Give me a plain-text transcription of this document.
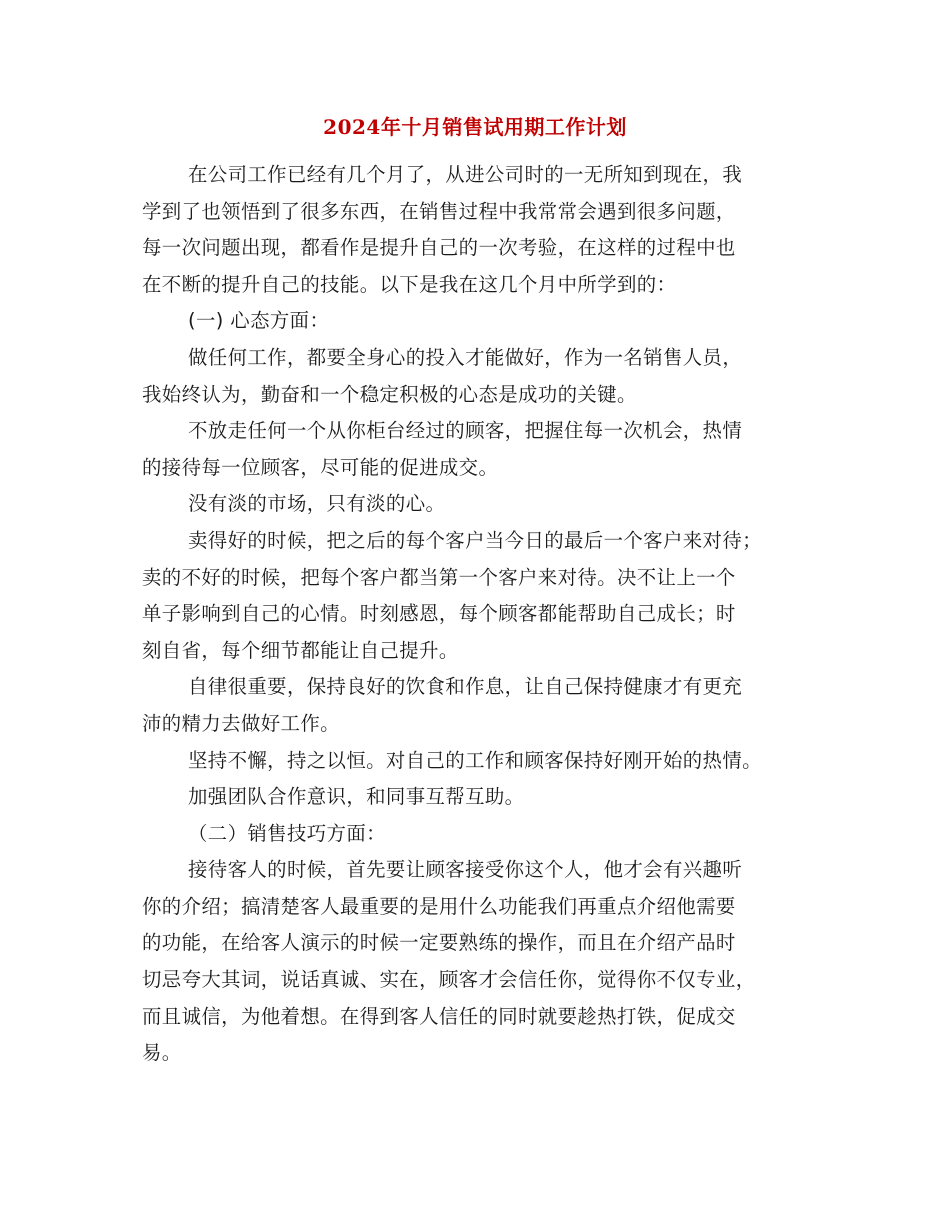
2024年十月销售试用期工作计划
在公司工作已经有几个月了，从进公司时的一无所知到现在，我
学到了也领悟到了很多东西，在销售过程中我常常会遇到很多问题，
每一次问题出现，都看作是提升自己的一次考验，在这样的过程中也
在不断的提升自己的技能。以下是我在这几个月中所学到的：
(一) 心态方面：
做任何工作，都要全身心的投入才能做好，作为一名销售人员，
我始终认为，勤奋和一个稳定积极的心态是成功的关键。
不放走任何一个从你柜台经过的顾客，把握住每一次机会，热情
的接待每一位顾客，尽可能的促进成交。
没有淡的市场，只有淡的心。
卖得好的时候，把之后的每个客户当今日的最后一个客户来对待；
卖的不好的时候，把每个客户都当第一个客户来对待。决不让上一个
单子影响到自己的心情。时刻感恩，每个顾客都能帮助自己成长；时
刻自省，每个细节都能让自己提升。
自律很重要，保持良好的饮食和作息，让自己保持健康才有更充
沛的精力去做好工作。
坚持不懈，持之以恒。对自己的工作和顾客保持好刚开始的热情。
加强团队合作意识，和同事互帮互助。
（二）销售技巧方面：
接待客人的时候，首先要让顾客接受你这个人，他才会有兴趣听
你的介绍；搞清楚客人最重要的是用什么功能我们再重点介绍他需要
的功能，在给客人演示的时候一定要熟练的操作，而且在介绍产品时
切忌夸大其词，说话真诚、实在，顾客才会信任你，觉得你不仅专业，
而且诚信，为他着想。在得到客人信任的同时就要趁热打铁，促成交
易。
